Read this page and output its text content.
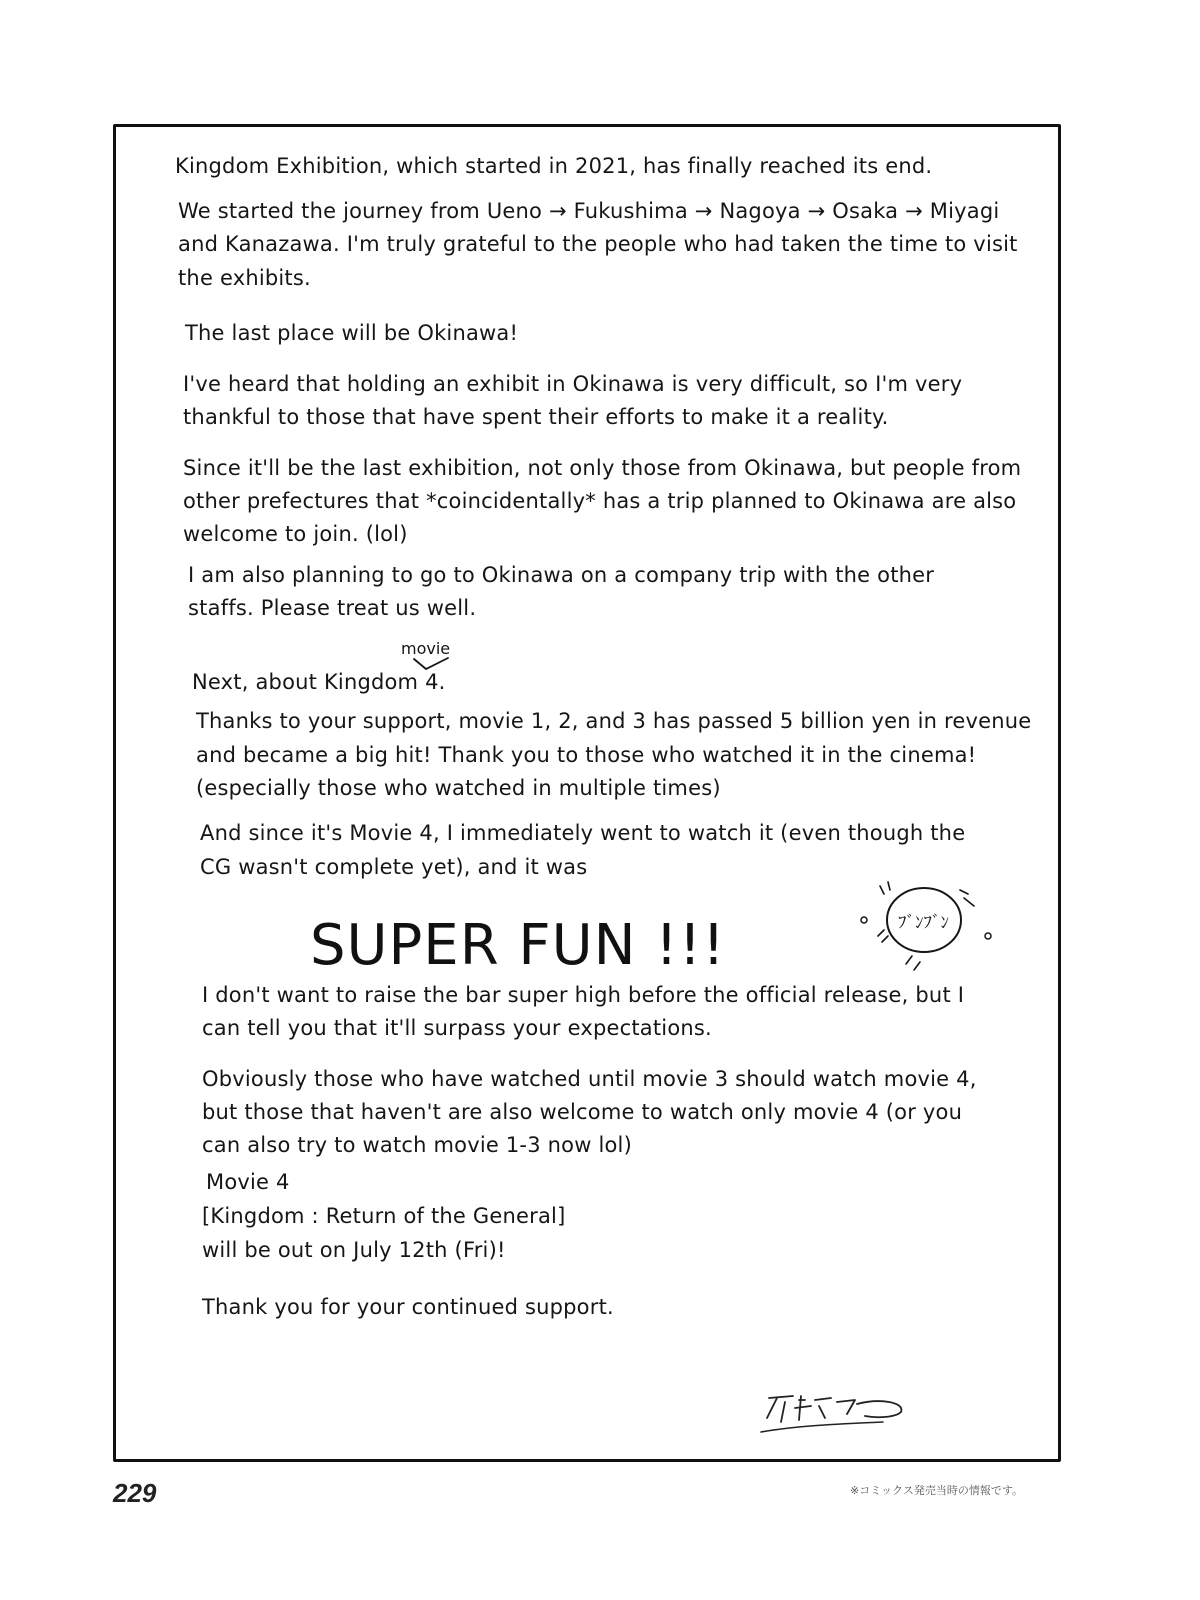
Kingdom Exhibition, which started in 2021, has finally reached its end.
We started the journey from Ueno → Fukushima → Nagoya → Osaka → Miyagi
and Kanazawa. I'm truly grateful to the people who had taken the time to visit
the exhibits.
The last place will be Okinawa!
I've heard that holding an exhibit in Okinawa is very difficult, so I'm very
thankful to those that have spent their efforts to make it a reality.
Since it'll be the last exhibition, not only those from Okinawa, but people from
other prefectures that *coincidentally* has a trip planned to Okinawa are also
welcome to join. (lol)
I am also planning to go to Okinawa on a company trip with the other
staffs. Please treat us well.
movie
Next, about Kingdom 4.
Thanks to your support, movie 1, 2, and 3 has passed 5 billion yen in revenue
and became a big hit! Thank you to those who watched it in the cinema!
(especially those who watched in multiple times)
And since it's Movie 4, I immediately went to watch it (even though the
CG wasn't complete yet), and it was
SUPER FUN !!!	ﾌﾞﾝﾌﾞﾝ
I don't want to raise the bar super high before the official release, but I
can tell you that it'll surpass your expectations.
Obviously those who have watched until movie 3 should watch movie 4,
but those that haven't are also welcome to watch only movie 4 (or you
can also try to watch movie 1-3 now lol)
Movie 4
[Kingdom : Return of the General]
will be out on July 12th (Fri)!
Thank you for your continued support.
229	※コミックス発売当時の情報です。
